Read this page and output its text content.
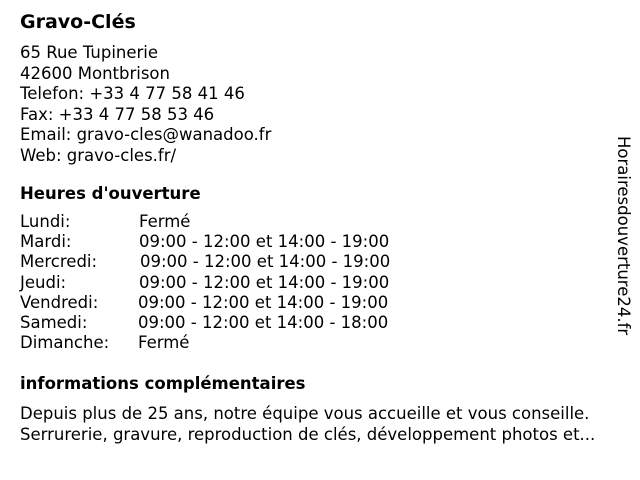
Gravo-Clés
65 Rue Tupinerie
42600 Montbrison
Telefon: +33 4 77 58 41 46
Fax: +33 4 77 58 53 46
Email: gravo-cles@wanadoo.fr
Web: gravo-cles.fr/
Heures d'ouverture
Lundi:	Fermé
Mardi:	09:00 - 12:00 et 14:00 - 19:00
Mercredi:	09:00 - 12:00 et 14:00 - 19:00
Jeudi:	09:00 - 12:00 et 14:00 - 19:00
Vendredi: 09:00 - 12:00 et 14:00 - 19:00
Samedi:	09:00 - 12:00 et 14:00 - 18:00
Dimanche: Fermé
informations complémentaires
Depuis plus de 25 ans, notre équipe vous accueille et vous conseille.
Serrurerie, gravure, reproduction de clés, développement photos et...
Horairesdouverture24.fr
